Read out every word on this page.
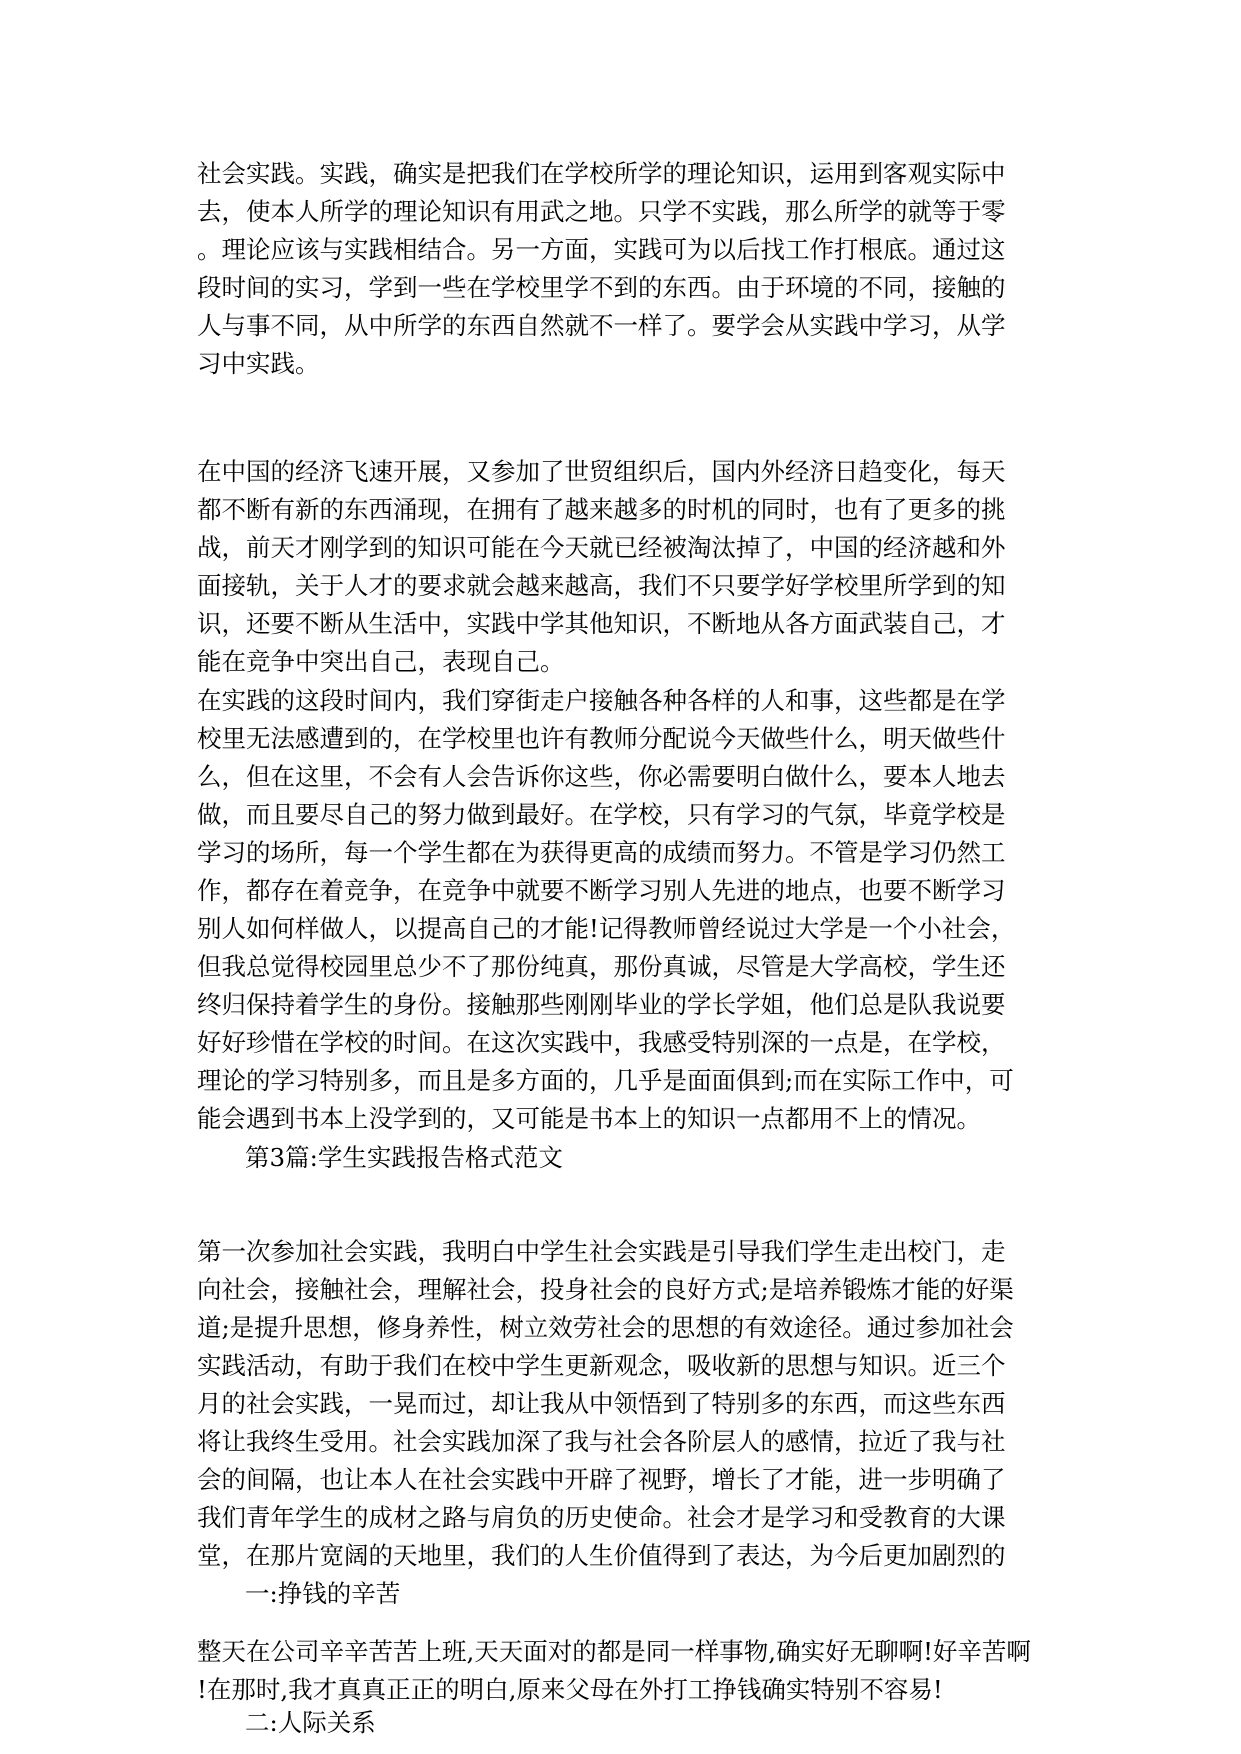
社会实践。实践，确实是把我们在学校所学的理论知识，运用到客观实际中
去，使本人所学的理论知识有用武之地。只学不实践，那么所学的就等于零
。理论应该与实践相结合。另一方面，实践可为以后找工作打根底。通过这
段时间的实习，学到一些在学校里学不到的东西。由于环境的不同，接触的
人与事不同，从中所学的东西自然就不一样了。要学会从实践中学习，从学
习中实践。
在中国的经济飞速开展，又参加了世贸组织后，国内外经济日趋变化，每天
都不断有新的东西涌现，在拥有了越来越多的时机的同时，也有了更多的挑
战，前天才刚学到的知识可能在今天就已经被淘汰掉了，中国的经济越和外
面接轨，关于人才的要求就会越来越高，我们不只要学好学校里所学到的知
识，还要不断从生活中，实践中学其他知识，不断地从各方面武装自己，才
能在竞争中突出自己，表现自己。
在实践的这段时间内，我们穿街走户接触各种各样的人和事，这些都是在学
校里无法感遭到的，在学校里也许有教师分配说今天做些什么，明天做些什
么，但在这里，不会有人会告诉你这些，你必需要明白做什么，要本人地去
做，而且要尽自己的努力做到最好。在学校，只有学习的气氛，毕竟学校是
学习的场所，每一个学生都在为获得更高的成绩而努力。不管是学习仍然工
作，都存在着竞争，在竞争中就要不断学习别人先进的地点，也要不断学习
别人如何样做人，以提高自己的才能!记得教师曾经说过大学是一个小社会，
但我总觉得校园里总少不了那份纯真，那份真诚，尽管是大学高校，学生还
终归保持着学生的身份。接触那些刚刚毕业的学长学姐，他们总是队我说要
好好珍惜在学校的时间。在这次实践中，我感受特别深的一点是，在学校，
理论的学习特别多，而且是多方面的，几乎是面面俱到;而在实际工作中，可
能会遇到书本上没学到的，又可能是书本上的知识一点都用不上的情况。
第3篇:学生实践报告格式范文
第一次参加社会实践，我明白中学生社会实践是引导我们学生走出校门，走
向社会，接触社会，理解社会，投身社会的良好方式;是培养锻炼才能的好渠
道;是提升思想，修身养性，树立效劳社会的思想的有效途径。通过参加社会
实践活动，有助于我们在校中学生更新观念，吸收新的思想与知识。近三个
月的社会实践，一晃而过，却让我从中领悟到了特别多的东西，而这些东西
将让我终生受用。社会实践加深了我与社会各阶层人的感情，拉近了我与社
会的间隔，也让本人在社会实践中开辟了视野，增长了才能，进一步明确了
我们青年学生的成材之路与肩负的历史使命。社会才是学习和受教育的大课
堂，在那片宽阔的天地里，我们的人生价值得到了表达，为今后更加剧烈的
一:挣钱的辛苦
整天在公司辛辛苦苦上班,天天面对的都是同一样事物,确实好无聊啊!好辛苦啊
!在那时,我才真真正正的明白,原来父母在外打工挣钱确实特别不容易!
二:人际关系
